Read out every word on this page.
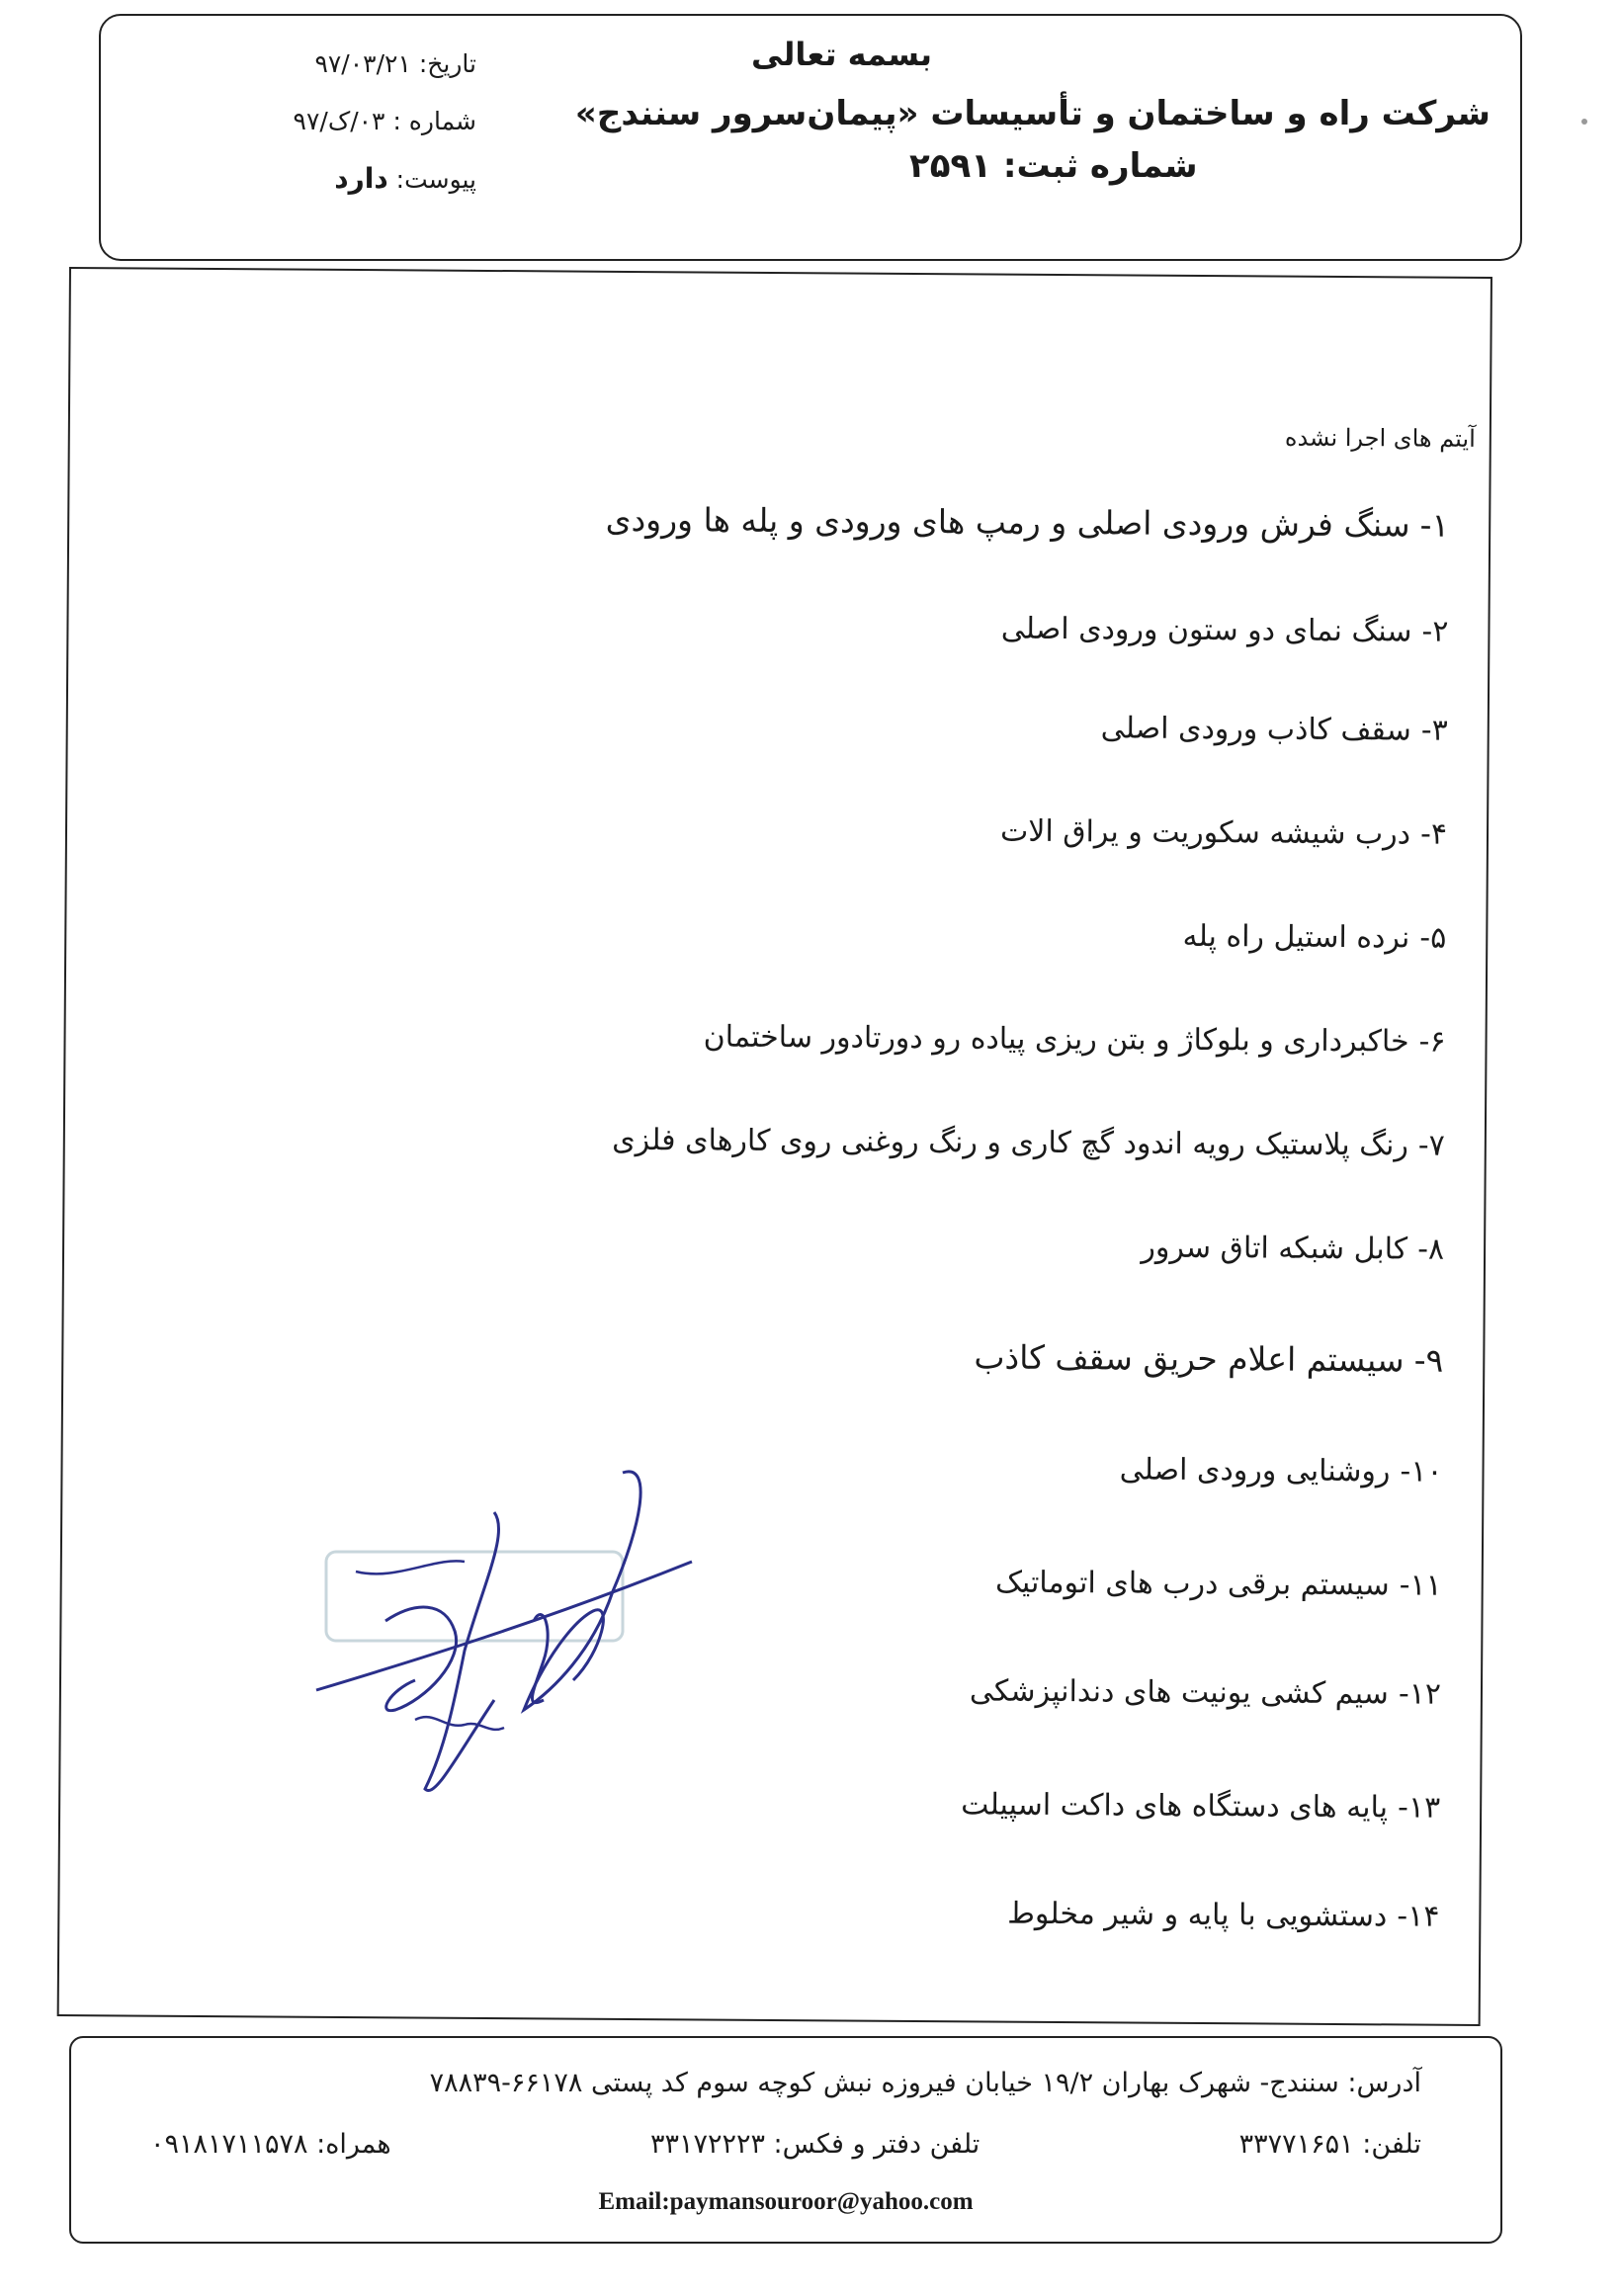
تاریخ: ۹۷/۰۳/۲۱
شماره : ۰۳/ک/۹۷
پیوست: دارد
بسمه تعالی
شرکت راه و ساختمان و تأسیسات «پیمان‌سرور سنندج»
شماره ثبت: ۲۵۹۱
آیتم های اجرا نشده
۱-سنگ فرش ورودی اصلی و رمپ های ورودی و پله ها ورودی
۲-سنگ نمای دو ستون ورودی اصلی
۳-سقف کاذب ورودی اصلی
۴-درب شیشه سکوریت و یراق الات
۵-نرده استیل راه پله
۶-خاکبرداری و بلوکاژ و بتن ریزی پیاده رو دورتادور ساختمان
۷-رنگ پلاستیک رویه اندود گچ کاری و رنگ روغنی روی کارهای فلزی
۸-کابل شبکه اتاق سرور
۹-سیستم اعلام حریق سقف کاذب
۱۰-روشنایی ورودی اصلی
۱۱-سیستم برقی درب های اتوماتیک
۱۲-سیم کشی یونیت های دندانپزشکی
۱۳-پایه های دستگاه های داکت اسپیلت
۱۴-دستشویی با پایه و شیر مخلوط
آدرس: سنندج- شهرک بهاران ۱۹/۲ خیابان فیروزه نبش کوچه سوم کد پستی ۶۶۱۷۸-۷۸۸۳۹
تلفن: ۳۳۷۷۱۶۵۱
تلفن دفتر و فکس: ۳۳۱۷۲۲۲۳
همراه: ۰۹۱۸۱۷۱۱۵۷۸
Email:paymansouroor@yahoo.com
